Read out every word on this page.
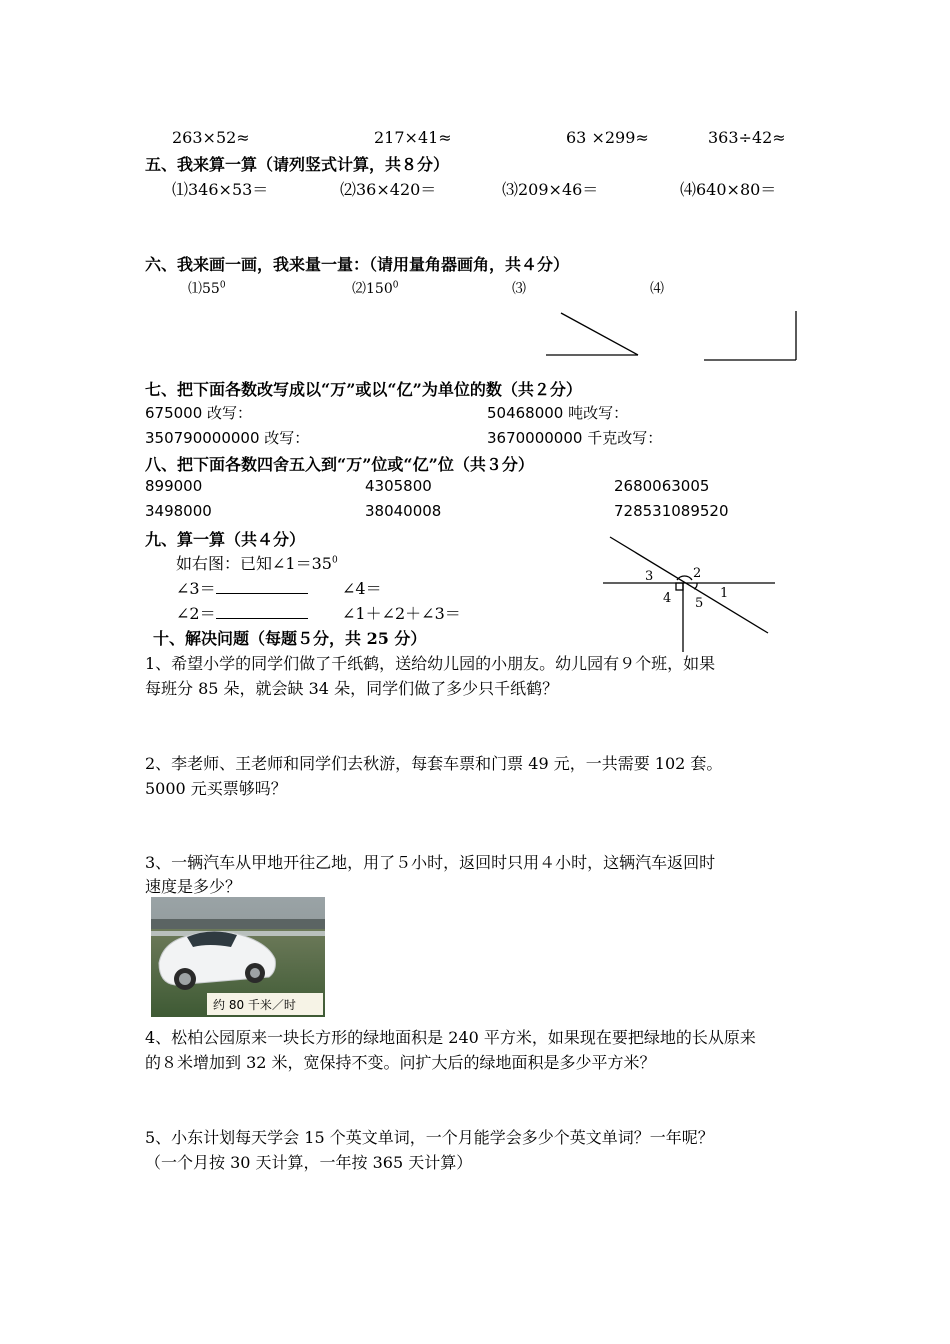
263×52≈	217×41≈	63 ×299≈	363÷42≈
五、我来算一算（请列竖式计算，共８分）
⑴346×53＝	⑵36×420＝	⑶209×46＝	⑷640×80＝
六、我来画一画，我来量一量：（请用量角器画角，共４分）
$⑴55^0$	$⑵150^0$	⑶	⑷
七、把下面各数改写成以“万”或以“亿”为单位的数（共２分）
675000 改写：	50468000 吨改写：
350790000000 改写：	3670000000 千克改写：
八、把下面各数四舍五入到“万”位或“亿”位（共３分）
899000	4305800	2680063005
3498000	38040008	728531089520
九、算一算（共４分）
如右图：已知$\angle 1=35^0$
∠3＝	∠4＝
∠2＝	∠1＋∠2＋∠3＝
1
2
3
4 5
十、解决问题（每题５分，共 25 分）
1、希望小学的同学们做了千纸鹤，送给幼儿园的小朋友。幼儿园有９个班，如果
每班分 85 朵，就会缺 34 朵，同学们做了多少只千纸鹤？
2、李老师、王老师和同学们去秋游，每套车票和门票 49 元，一共需要 102 套。
5000 元买票够吗？
3、一辆汽车从甲地开往乙地，用了５小时，返回时只用４小时，这辆汽车返回时
速度是多少？
约 80 千米／时
4、松柏公园原来一块长方形的绿地面积是 240 平方米，如果现在要把绿地的长从原来
的８米增加到 32 米，宽保持不变。问扩大后的绿地面积是多少平方米？
5、小东计划每天学会 15 个英文单词，一个月能学会多少个英文单词？一年呢？
（一个月按 30 天计算，一年按 365 天计算）
